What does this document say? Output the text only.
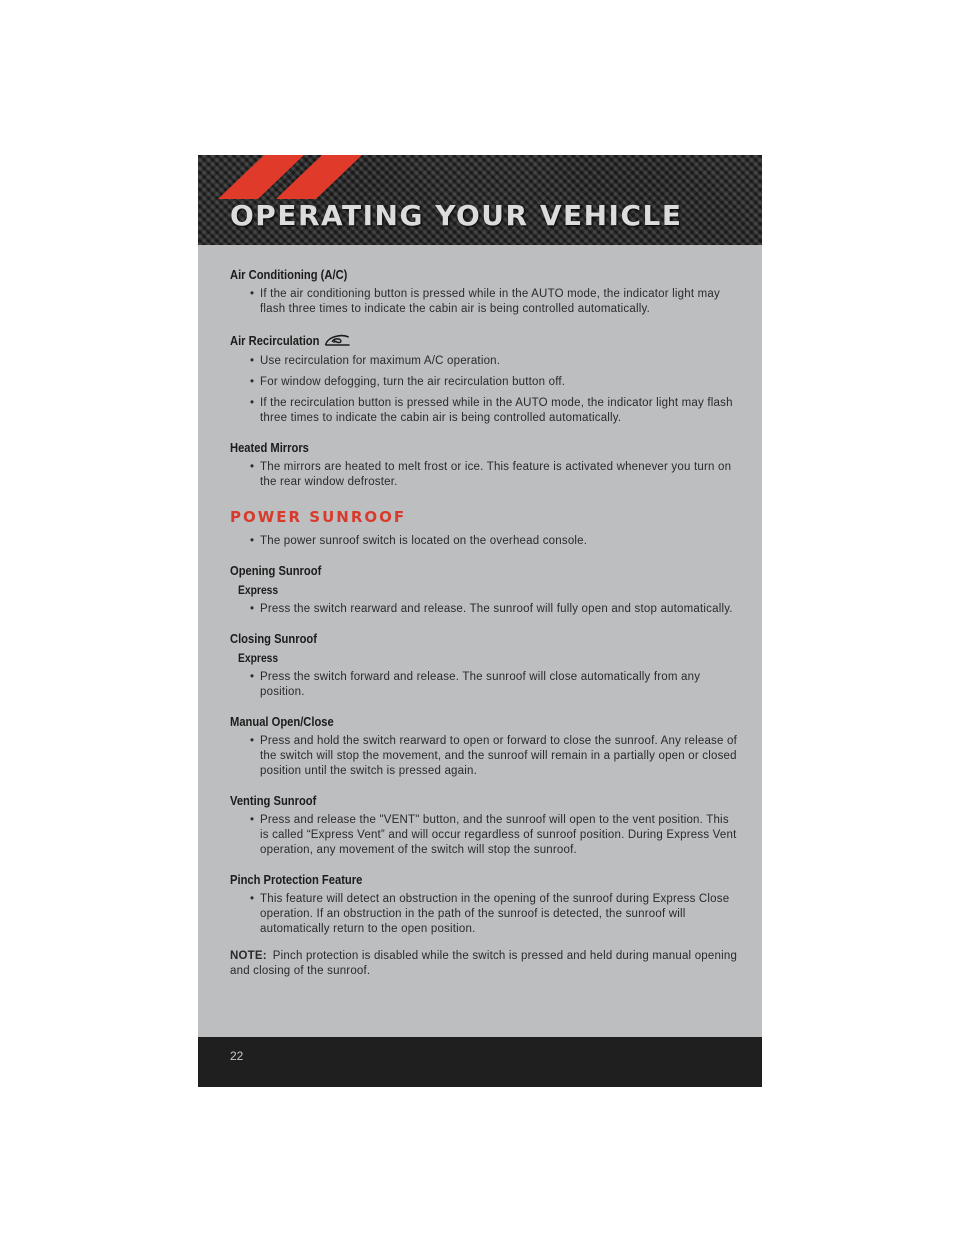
OPERATING YOUR VEHICLE
Air Conditioning (A/C)
• If the air conditioning button is pressed while in the AUTO mode, the indicator light may flash three times to indicate the cabin air is being controlled automatically.
Air Recirculation
• Use recirculation for maximum A/C operation.
• For window defogging, turn the air recirculation button off.
• If the recirculation button is pressed while in the AUTO mode, the indicator light may flash three times to indicate the cabin air is being controlled automatically.
Heated Mirrors
• The mirrors are heated to melt frost or ice. This feature is activated whenever you turn on the rear window defroster.
POWER SUNROOF
• The power sunroof switch is located on the overhead console.
Opening Sunroof
Express
• Press the switch rearward and release. The sunroof will fully open and stop automatically.
Closing Sunroof
Express
• Press the switch forward and release. The sunroof will close automatically from any position.
Manual Open/Close
• Press and hold the switch rearward to open or forward to close the sunroof. Any release of the switch will stop the movement, and the sunroof will remain in a partially open or closed position until the switch is pressed again.
Venting Sunroof
• Press and release the "VENT" button, and the sunroof will open to the vent position. This is called “Express Vent” and will occur regardless of sunroof position. During Express Vent operation, any movement of the switch will stop the sunroof.
Pinch Protection Feature
• This feature will detect an obstruction in the opening of the sunroof during Express Close operation. If an obstruction in the path of the sunroof is detected, the sunroof will automatically return to the open position.
NOTE: Pinch protection is disabled while the switch is pressed and held during manual opening and closing of the sunroof.
22
